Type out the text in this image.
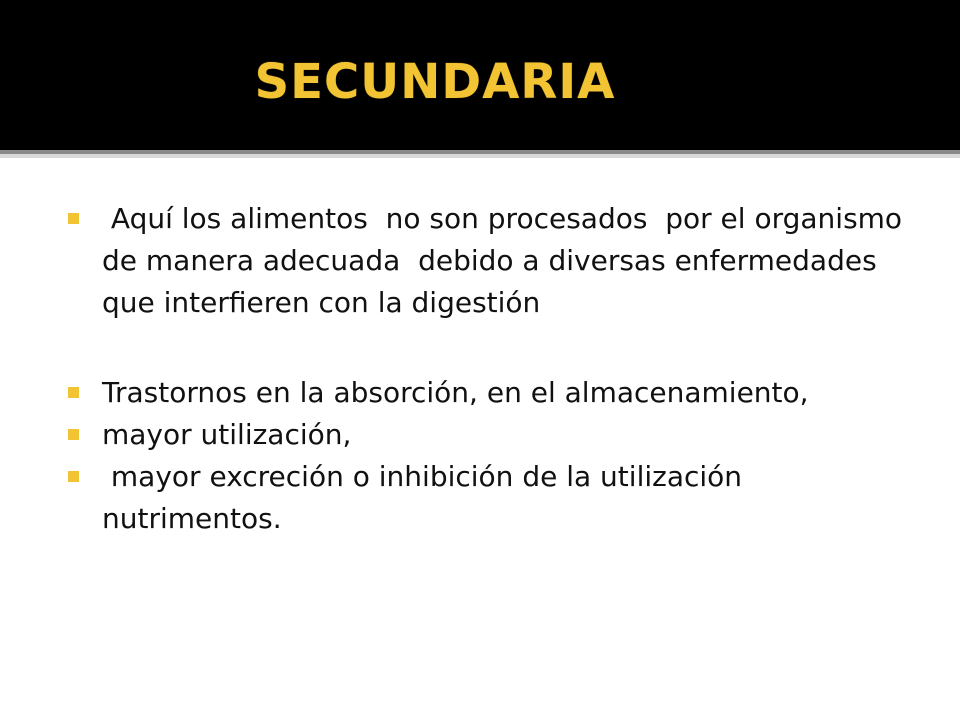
SECUNDARIA
Aquí los alimentos  no son procesados  por el organismo de manera adecuada  debido a diversas enfermedades que interfieren con la digestión
Trastornos en la absorción, en el almacenamiento,
mayor utilización,
mayor excreción o inhibición de la utilización nutrimentos.
